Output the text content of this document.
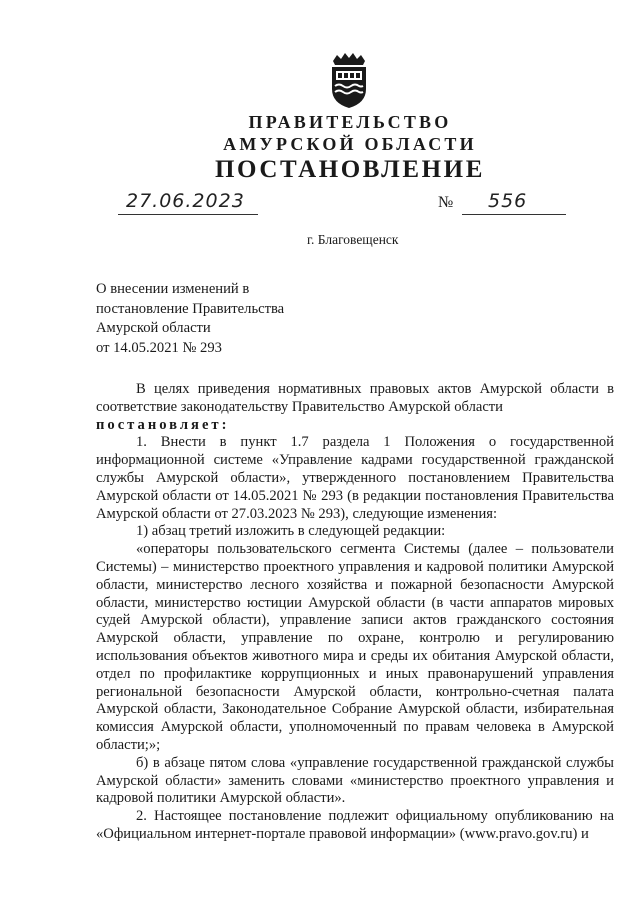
ПРАВИТЕЛЬСТВО
АМУРСКОЙ ОБЛАСТИ
ПОСТАНОВЛЕНИЕ
27.06.2023	№ 556
г. Благовещенск
О внесении изменений в
постановление Правительства
Амурской области
от 14.05.2021 № 293

В целях приведения нормативных правовых актов Амурской области в соответствие законодательству Правительство Амурской области

постановляет:

1. Внести в пункт 1.7 раздела 1 Положения о государственной информационной системе «Управление кадрами государственной гражданской службы Амурской области», утвержденного постановлением Правительства Амурской области от 14.05.2021 № 293 (в редакции постановления Правительства Амурской области от 27.03.2023 № 293), следующие изменения:

1) абзац третий изложить в следующей редакции:

«операторы пользовательского сегмента Системы (далее – пользователи Системы) – министерство проектного управления и кадровой политики Амурской области, министерство лесного хозяйства и пожарной безопасности Амурской области, министерство юстиции Амурской области (в части аппаратов мировых судей Амурской области), управление записи актов гражданского состояния Амурской области, управление по охране, контролю и регулированию использования объектов животного мира и среды их обитания Амурской области, отдел по профилактике коррупционных и иных правонарушений управления региональной безопасности Амурской области, контрольно-счетная палата Амурской области, Законодательное Собрание Амурской области, избирательная комиссия Амурской области, уполномоченный по правам человека в Амурской области;»;

б) в абзаце пятом слова «управление государственной гражданской службы Амурской области» заменить словами «министерство проектного управления и кадровой политики Амурской области».

2. Настоящее постановление подлежит официальному опубликованию на «Официальном интернет-портале правовой информации» (www.pravo.gov.ru) и
